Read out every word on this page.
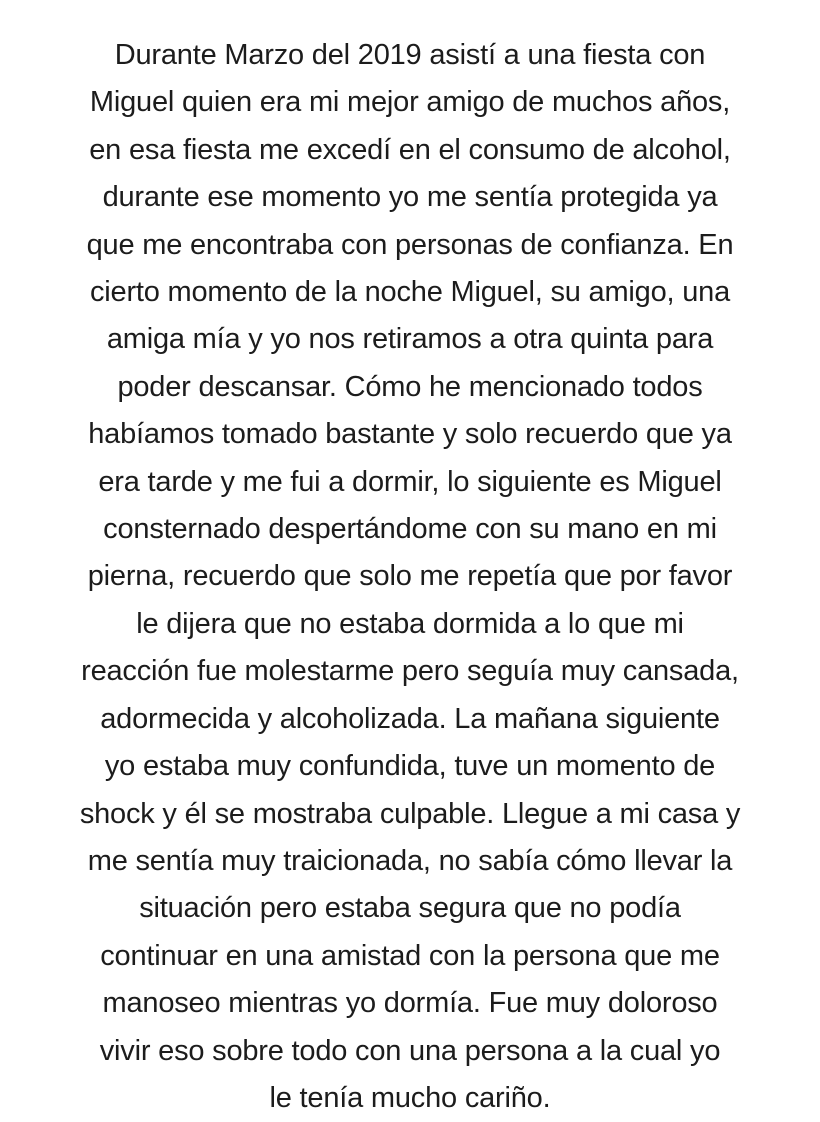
Durante Marzo del 2019 asistí a una fiesta con
Miguel quien era mi mejor amigo de muchos años,
en esa fiesta me excedí en el consumo de alcohol,
durante ese momento yo me sentía protegida ya
que me encontraba con personas de confianza. En
cierto momento de la noche Miguel, su amigo, una
amiga mía y yo nos retiramos a otra quinta para
poder descansar. Cómo he mencionado todos
habíamos tomado bastante y solo recuerdo que ya
era tarde y me fui a dormir, lo siguiente es Miguel
consternado despertándome con su mano en mi
pierna, recuerdo que solo me repetía que por favor
le dijera que no estaba dormida a lo que mi
reacción fue molestarme pero seguía muy cansada,
adormecida y alcoholizada. La mañana siguiente
yo estaba muy confundida, tuve un momento de
shock y él se mostraba culpable. Llegue a mi casa y
me sentía muy traicionada, no sabía cómo llevar la
situación pero estaba segura que no podía
continuar en una amistad con la persona que me
manoseo mientras yo dormía. Fue muy doloroso
vivir eso sobre todo con una persona a la cual yo
le tenía mucho cariño.
